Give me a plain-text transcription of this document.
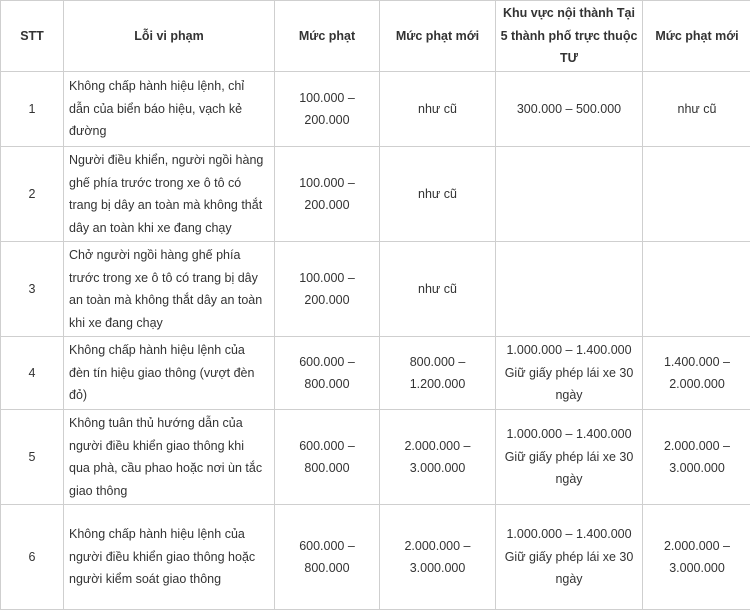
STT	Lỗi vi phạm	Mức phạt	Mức phạt mới	Khu vực nội thành Tại 5 thành phố trực thuộc TƯ	Mức phạt mới
1	Không chấp hành hiệu lệnh, chỉ dẫn của biển báo hiệu, vạch kẻ đường	100.000 – 200.000	như cũ	300.000 – 500.000	như cũ
2	Người điều khiển, người ngồi hàng ghế phía trước trong xe ô tô có trang bị dây an toàn mà không thắt dây an toàn khi xe đang chạy	100.000 – 200.000	như cũ		
3	Chở người ngồi hàng ghế phía trước trong xe ô tô có trang bị dây an toàn mà không thắt dây an toàn khi xe đang chạy	100.000 – 200.000	như cũ		
4	Không chấp hành hiệu lệnh của đèn tín hiệu giao thông (vượt đèn đỏ)	600.000 – 800.000	800.000 – 1.200.000	1.000.000 – 1.400.000 Giữ giấy phép lái xe 30 ngày	1.400.000 – 2.000.000
5	Không tuân thủ hướng dẫn của người điều khiển giao thông khi qua phà, cầu phao hoặc nơi ùn tắc giao thông	600.000 – 800.000	2.000.000 – 3.000.000	1.000.000 – 1.400.000 Giữ giấy phép lái xe 30 ngày	2.000.000 – 3.000.000
6	Không chấp hành hiệu lệnh của người điều khiển giao thông hoặc người kiểm soát giao thông	600.000 – 800.000	2.000.000 – 3.000.000	1.000.000 – 1.400.000 Giữ giấy phép lái xe 30 ngày	2.000.000 – 3.000.000
